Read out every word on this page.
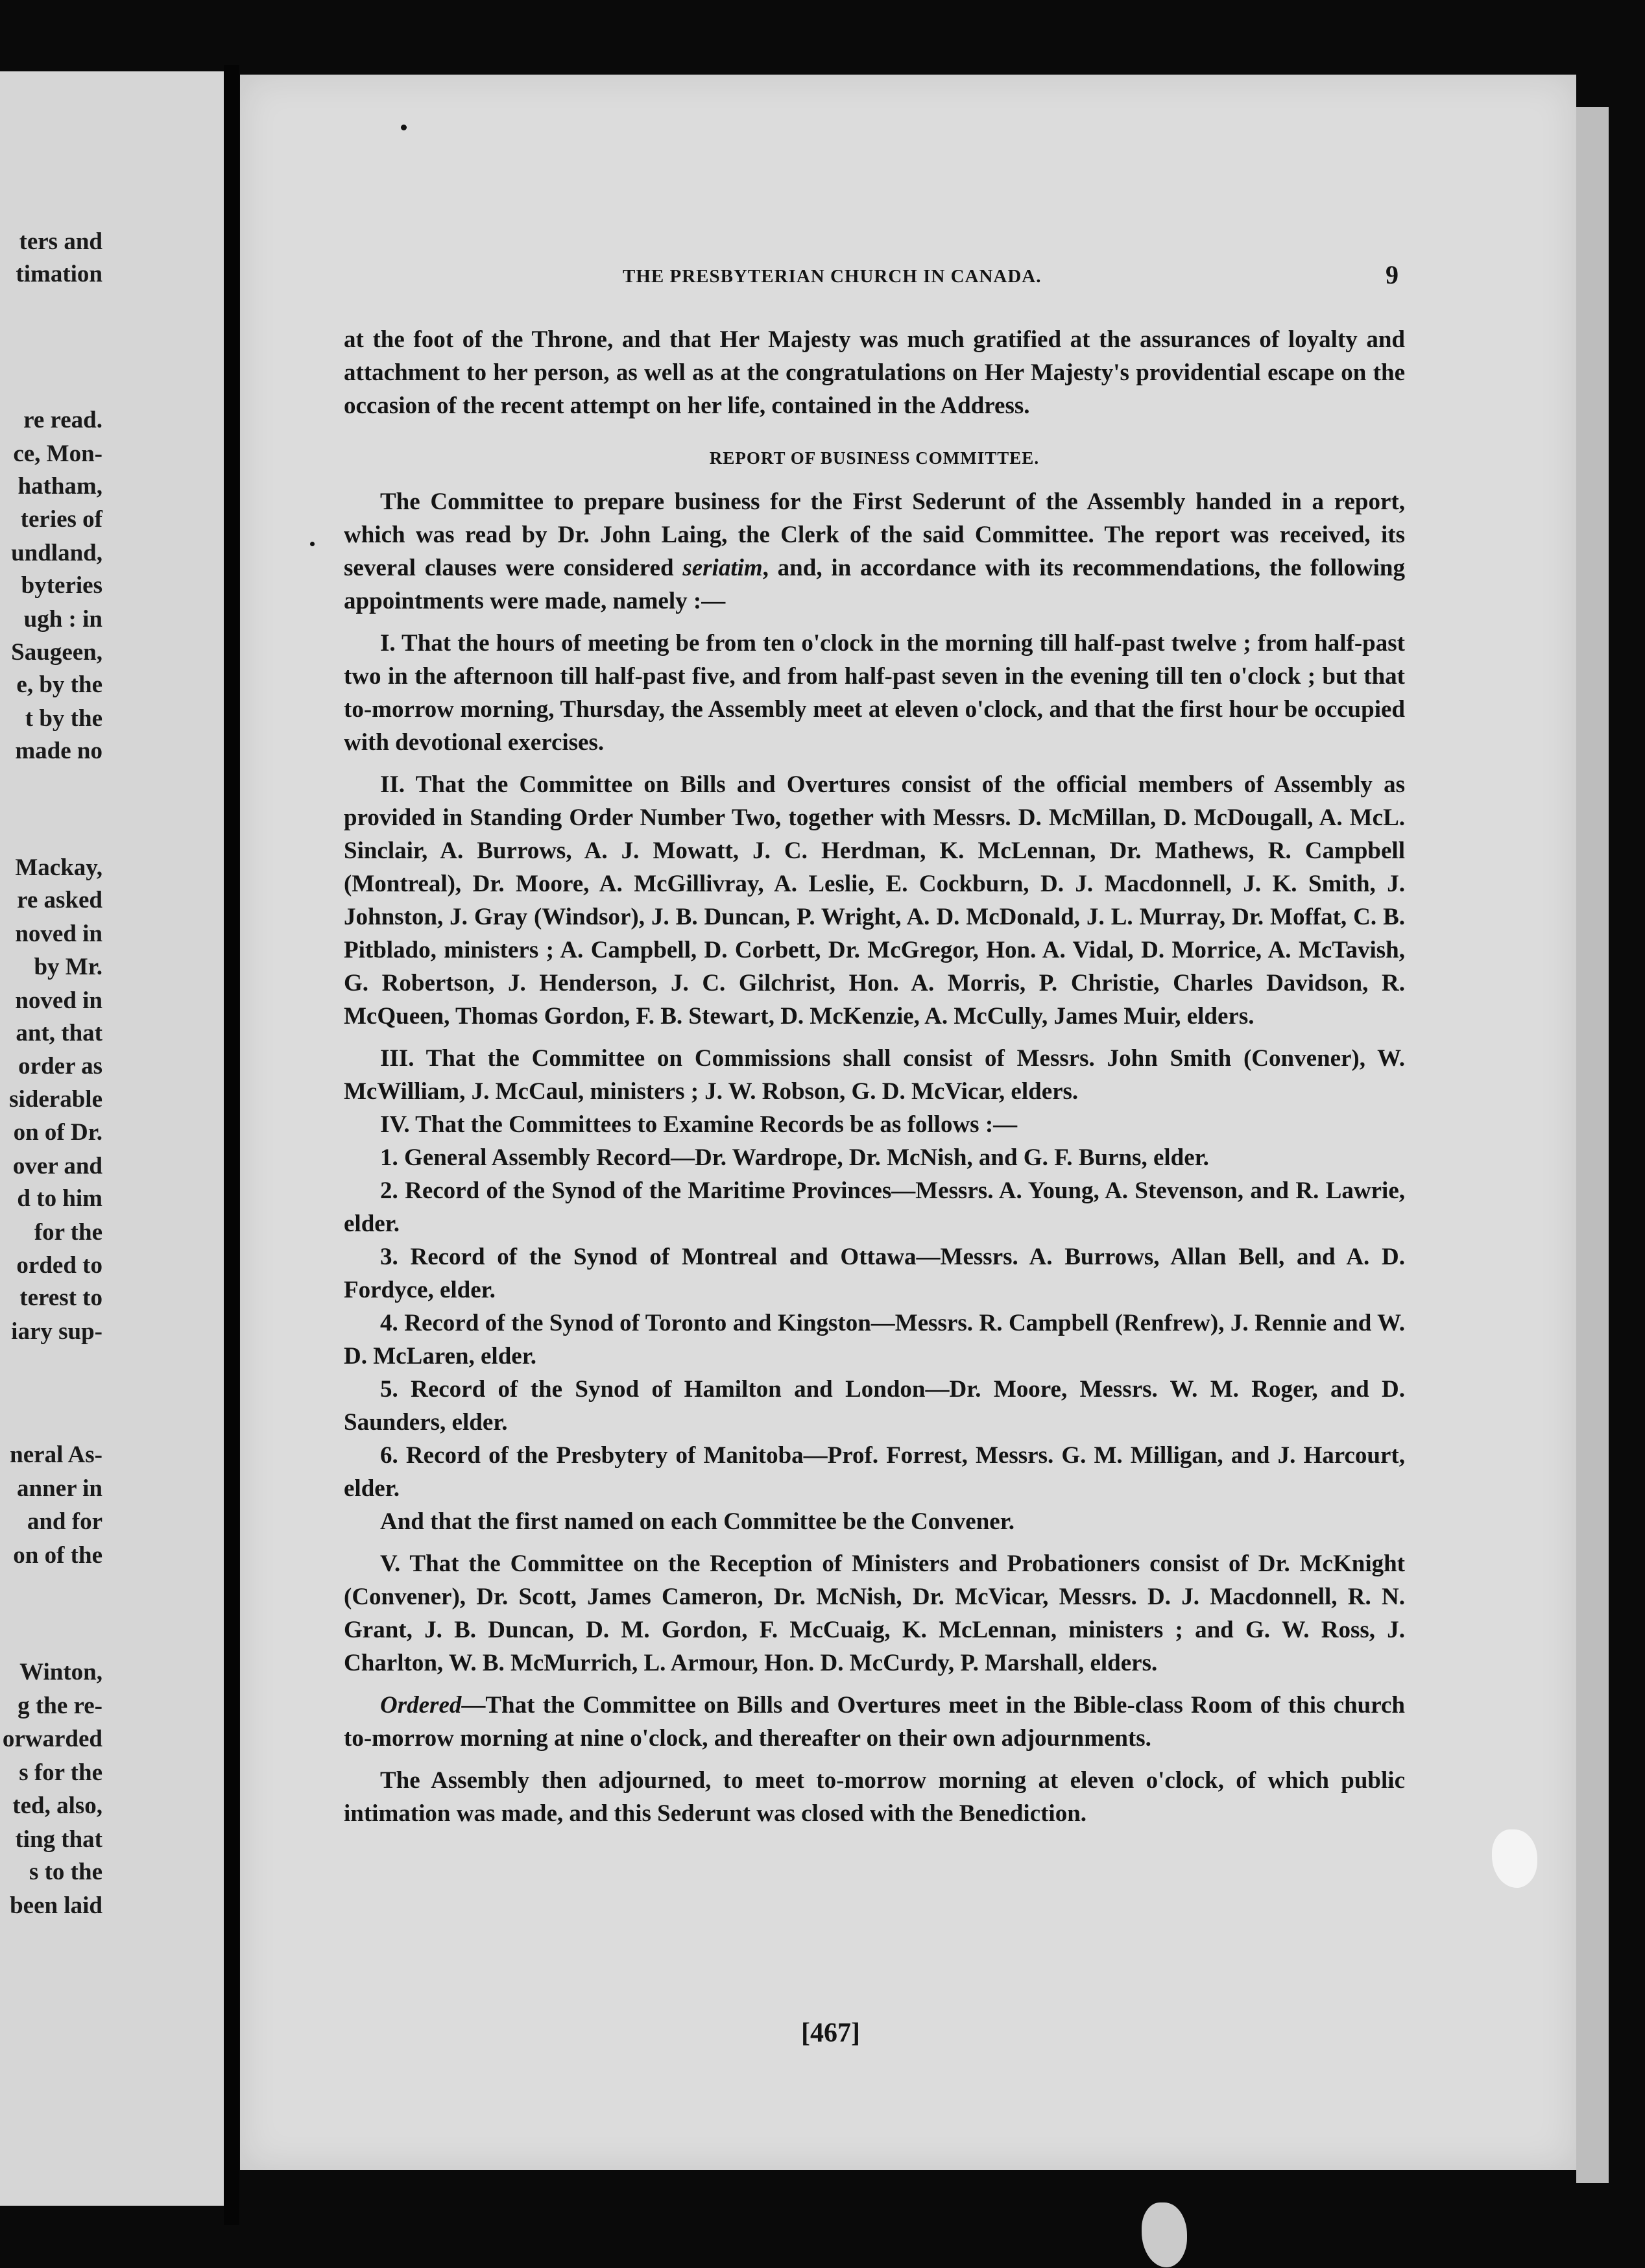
ters and
timation
re read.
ce, Mon-
hatham,
teries of
undland,
byteries
ugh : in
Saugeen,
e, by the
t by the
made no
Mackay,
re asked
noved in
by Mr.
noved in
ant, that
order as
siderable
on of Dr.
over and
d to him
for the
orded to
terest to
iary sup-
neral As-
anner in
and for
on of the
Winton,
g the re-
orwarded
s for the
ted, also,
ting that
s to the
been laid
THE PRESBYTERIAN CHURCH IN CANADA.	9

at the foot of the Throne, and that Her Majesty was much gratified at the assurances of loyalty and attachment to her person, as well as at the congratulations on Her Majesty's providential escape on the occasion of the recent attempt on her life, contained in the Address.

REPORT OF BUSINESS COMMITTEE.

The Committee to prepare business for the First Sederunt of the Assembly handed in a report, which was read by Dr. John Laing, the Clerk of the said Committee. The report was received, its several clauses were considered seriatim, and, in accordance with its recommendations, the following appointments were made, namely :—

I. That the hours of meeting be from ten o'clock in the morning till half-past twelve ; from half-past two in the afternoon till half-past five, and from half-past seven in the evening till ten o'clock ; but that to-morrow morning, Thursday, the Assembly meet at eleven o'clock, and that the first hour be occupied with devotional exercises.

II. That the Committee on Bills and Overtures consist of the official members of Assembly as provided in Standing Order Number Two, together with Messrs. D. McMillan, D. McDougall, A. McL. Sinclair, A. Burrows, A. J. Mowatt, J. C. Herdman, K. McLennan, Dr. Mathews, R. Campbell (Montreal), Dr. Moore, A. McGillivray, A. Leslie, E. Cockburn, D. J. Macdonnell, J. K. Smith, J. Johnston, J. Gray (Windsor), J. B. Duncan, P. Wright, A. D. McDonald, J. L. Murray, Dr. Moffat, C. B. Pitblado, ministers ; A. Campbell, D. Corbett, Dr. McGregor, Hon. A. Vidal, D. Morrice, A. McTavish, G. Robertson, J. Henderson, J. C. Gilchrist, Hon. A. Morris, P. Christie, Charles Davidson, R. McQueen, Thomas Gordon, F. B. Stewart, D. McKenzie, A. McCully, James Muir, elders.

III. That the Committee on Commissions shall consist of Messrs. John Smith (Convener), W. McWilliam, J. McCaul, ministers ; J. W. Robson, G. D. McVicar, elders.

IV. That the Committees to Examine Records be as follows :—

1. General Assembly Record—Dr. Wardrope, Dr. McNish, and G. F. Burns, elder.

2. Record of the Synod of the Maritime Provinces—Messrs. A. Young, A. Stevenson, and R. Lawrie, elder.

3. Record of the Synod of Montreal and Ottawa—Messrs. A. Burrows, Allan Bell, and A. D. Fordyce, elder.

4. Record of the Synod of Toronto and Kingston—Messrs. R. Campbell (Renfrew), J. Rennie and W. D. McLaren, elder.

5. Record of the Synod of Hamilton and London—Dr. Moore, Messrs. W. M. Roger, and D. Saunders, elder.

6. Record of the Presbytery of Manitoba—Prof. Forrest, Messrs. G. M. Milligan, and J. Harcourt, elder.

And that the first named on each Committee be the Convener.

V. That the Committee on the Reception of Ministers and Probationers consist of Dr. McKnight (Convener), Dr. Scott, James Cameron, Dr. McNish, Dr. McVicar, Messrs. D. J. Macdonnell, R. N. Grant, J. B. Duncan, D. M. Gordon, F. McCuaig, K. McLennan, ministers ; and G. W. Ross, J. Charlton, W. B. McMurrich, L. Armour, Hon. D. McCurdy, P. Marshall, elders.

Ordered—That the Committee on Bills and Overtures meet in the Bible-class Room of this church to-morrow morning at nine o'clock, and thereafter on their own adjournments.

The Assembly then adjourned, to meet to-morrow morning at eleven o'clock, of which public intimation was made, and this Sederunt was closed with the Benediction.

[467]
